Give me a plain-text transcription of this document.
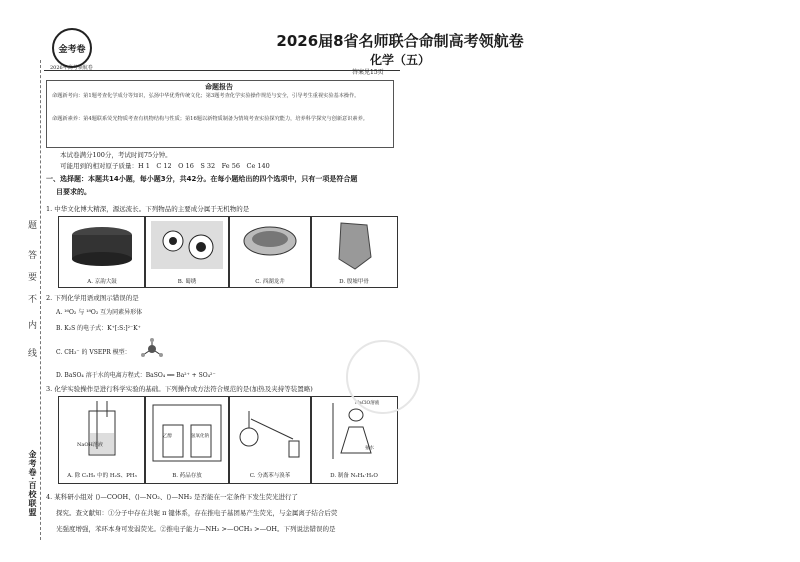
题
答
要
不
内
线
金考卷·百校联盟
金考卷
2026年高考领航卷
2026届8省名师联合命制高考领航卷
化学（五）
答案见15页
命题报告
命题新考向：第1题考查化学成分等知识，弘扬中华优秀传统文化；第3题考查化学实验操作规范与安全，引导考生重视实验基本操作。
命题新素养：第4题联系荧光物质考查有机物结构与性质；第16题以新物质制备为情境考查实验探究能力，培养科学探究与创新意识素养。
本试卷满分100分，考试时间75分钟。
可能用到的相对原子质量：H 1　C 12　O 16　S 32　Fe 56　Ce 140
一、选择题：本题共14小题，每小题3分，共42分。在每小题给出的四个选项中，只有一项是符合题
目要求的。
1. 中华文化博大精深，源远流长。下列物品的主要成分属于无机物的是
A. 京韵大鼓	B. 蜀绣	C. 西湖龙井	D. 殷墟甲骨
2. 下列化学用语或图示错误的是
A. ¹⁶O₂ 与 ¹⁸O₂ 互为同素异形体
B. K₂S 的电子式：K⁺[:S:]²⁻K⁺
C. CH₃⁻ 的 VSEPR 模型：
D. BaSO₄ 溶于水的电离方程式：BaSO₄ ══ Ba²⁺ + SO₄²⁻
3. 化学实验操作是进行科学实验的基础。下列操作或方法符合规范的是(加热及夹持等装置略)
NaOH溶液
A. 除 C₂H₂ 中的 H₂S、PH₃
乙醇	氢氧化钠
B. 药品存放	C. 分离苯与溴苯
NaClO溶液
氨水
D. 制备 N₂H₄·H₂O
4. 某科研小组对 ⟨⟩—COOH、⟨⟩—NO₂、⟨⟩—NH₂ 是否能在一定条件下发生荧光进行了
探究。查文献知：①分子中存在共轭 π 键体系，存在推电子基团易产生荧光，与金属离子结合后荧
光强度增强，苯环本身可发弱荧光。②推电子能力—NH₂ >—OCH₃ >—OH。下列说法错误的是
